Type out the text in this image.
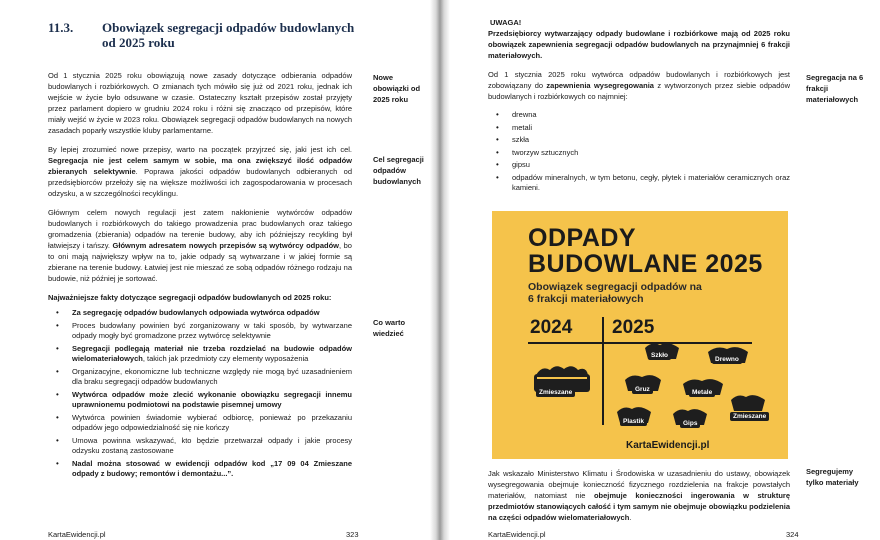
11.3. Obowiązek segregacji odpadów budowlanych
od 2025 roku

Od 1 stycznia 2025 roku obowiązują nowe zasady dotyczące odbierania odpadów budowlanych i rozbiórkowych. O zmianach tych mówiło się już od 2021 roku, jednak ich wejście w życie było odsuwane w czasie. Ostateczny kształt przepisów został przyjęty przez parlament dopiero w grudniu 2024 roku i różni się znacząco od przepisów, które miały wejść w życie w 2023 roku. Obowiązek segregacji odpadów budowlanych na nowych zasadach poparły wszystkie kluby parlamentarne.

By lepiej zrozumieć nowe przepisy, warto na początek przyjrzeć się, jaki jest ich cel. Segregacja nie jest celem samym w sobie, ma ona zwiększyć ilość odpadów zbieranych selektywnie. Poprawa jakości odpadów budowlanych odbieranych od przedsiębiorców przełoży się na większe możliwości ich zagospodarowania w procesach odzysku, a w szczególności recyklingu.

Głównym celem nowych regulacji jest zatem nakłonienie wytwórców odpadów budowlanych i rozbiórkowych do takiego prowadzenia prac budowlanych oraz takiego gromadzenia (zbierania) odpadów na terenie budowy, aby ich późniejszy recykling był łatwiejszy i tańszy. Głównym adresatem nowych przepisów są wytwórcy odpadów, bo to oni mają największy wpływ na to, jakie odpady są wytwarzane i w jakiej formie są zbierane na terenie budowy. Łatwiej jest nie mieszać ze sobą odpadów różnego rodzaju na budowie, niż później je sortować.

Najważniejsze fakty dotyczące segregacji odpadów budowlanych od 2025 roku:

• Za segregację odpadów budowlanych odpowiada wytwórca odpadów
• Proces budowlany powinien być zorganizowany w taki sposób, by wytwarzane odpady mogły być gromadzone przez wytwórcę selektywnie
• Segregacji podlegają materiał nie trzeba rozdzielać na budowie odpadów wielomateriałowych, takich jak przedmioty czy elementy wyposażenia
• Organizacyjne, ekonomiczne lub techniczne względy nie mogą być uzasadnieniem dla braku segregacji odpadów budowlanych
• Wytwórca odpadów może zlecić wykonanie obowiązku segregacji innemu uprawnionemu podmiotowi na podstawie pisemnej umowy
• Wytwórca powinien świadomie wybierać odbiorcę, ponieważ po przekazaniu odpadów jego odpowiedzialność się nie kończy
• Umowa powinna wskazywać, kto będzie przetwarzał odpady i jakie procesy odzysku zostaną zastosowane
• Nadal można stosować w ewidencji odpadów kod „17 09 04 Zmieszane odpady z budowy; remontów i demontażu...”.
Nowe obowiązki od 2025 roku
Cel segregacji odpadów budowlanych
Co warto wiedzieć
KartaEwidencji.pl	323
UWAGA!
Przedsiębiorcy wytwarzający odpady budowlane i rozbiórkowe mają od 2025 roku obowiązek zapewnienia segregacji odpadów budowlanych na przynajmniej 6 frakcji materiałowych.

Od 1 stycznia 2025 roku wytwórca odpadów budowlanych i rozbiórkowych jest zobowiązany do zapewnienia wysegregowania z wytworzonych przez siebie odpadów budowlanych i rozbiórkowych co najmniej:

• drewna
• metali
• szkła
• tworzyw sztucznych
• gipsu
• odpadów mineralnych, w tym betonu, cegły, płytek i materiałów ceramicznych oraz kamieni.
ODPADY
BUDOWLANE 2025
Obowiązek segregacji odpadów na
6 frakcji materiałowych
2024 2025
Zmieszane
Szkło
Drewno
Gruz	Metale
Zmieszane
Plastik	Gips
KartaEwidencji.pl
Jak wskazało Ministerstwo Klimatu i Środowiska w uzasadnieniu do ustawy, obowiązek wysegregowania obejmuje konieczność fizycznego rozdzielenia na frakcje powstałych materiałów, natomiast nie obejmuje konieczności ingerowania w strukturę przedmiotów stanowiących całość i tym samym nie obejmuje obowiązku podzielenia na części odpadów wielomateriałowych.
Segregacja na 6 frakcji materiałowych
Segregujemy tylko materiały
KartaEwidencji.pl	324
